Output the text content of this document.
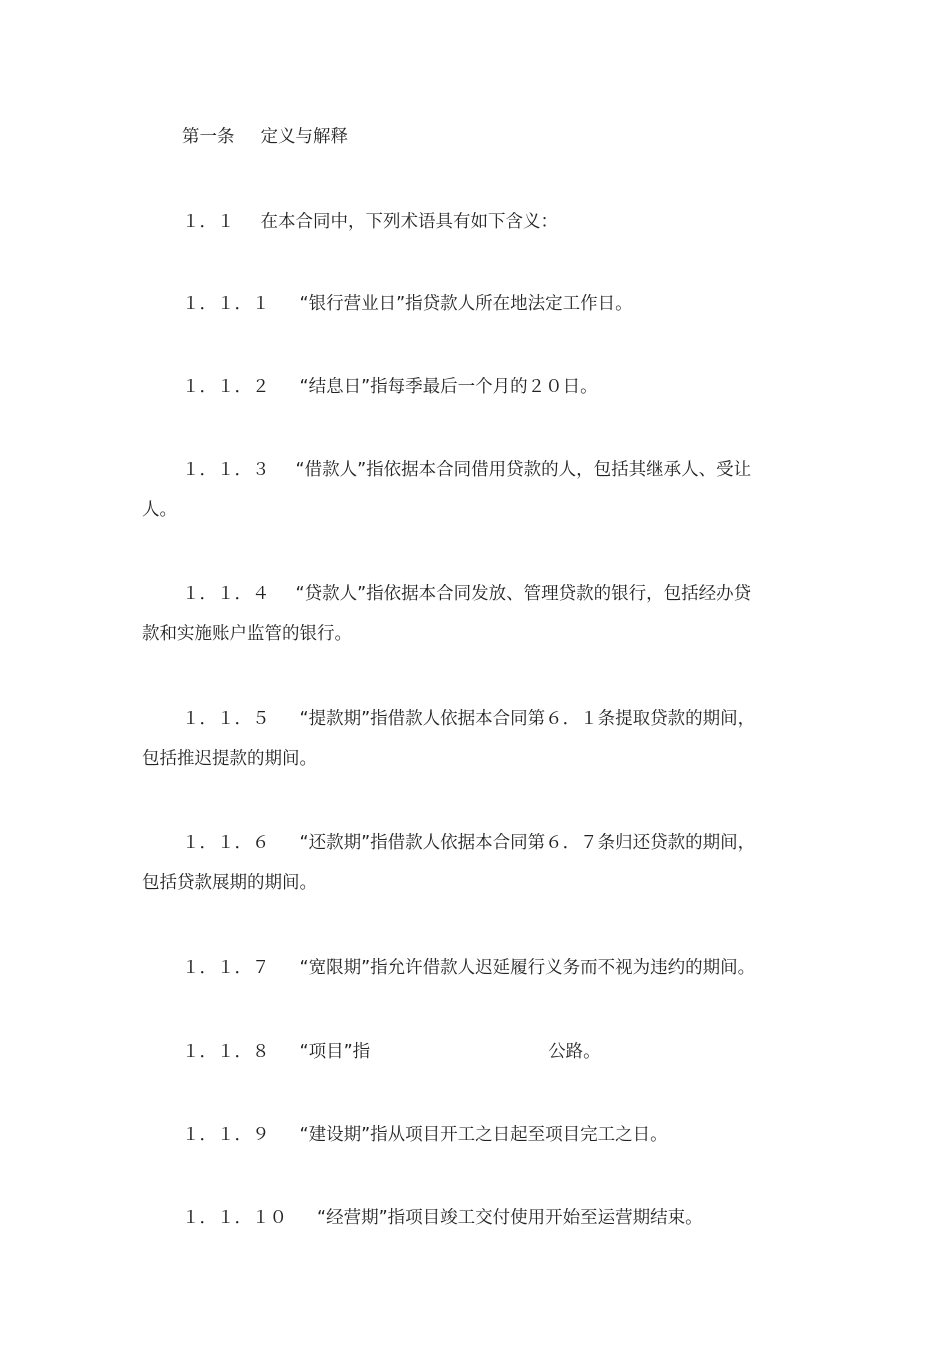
第一条 定义与解释
１．１ 在本合同中，下列术语具有如下含义：
１．１．１ “银行营业日”指贷款人所在地法定工作日。
１．１．２ “结息日”指每季最后一个月的２０日。
１．１．３ “借款人”指依据本合同借用贷款的人，包括其继承人、受让
人。
１．１．４ “贷款人”指依据本合同发放、管理贷款的银行，包括经办贷
款和实施账户监管的银行。
１．１．５ “提款期”指借款人依据本合同第６．１条提取贷款的期间，
包括推迟提款的期间。
１．１．６ “还款期”指借款人依据本合同第６．７条归还贷款的期间，
包括贷款展期的期间。
１．１．７ “宽限期”指允许借款人迟延履行义务而不视为违约的期间。
１．１．８ “项目”指	公路。
１．１．９ “建设期”指从项目开工之日起至项目完工之日。
１．１．１０ “经营期”指项目竣工交付使用开始至运营期结束。
